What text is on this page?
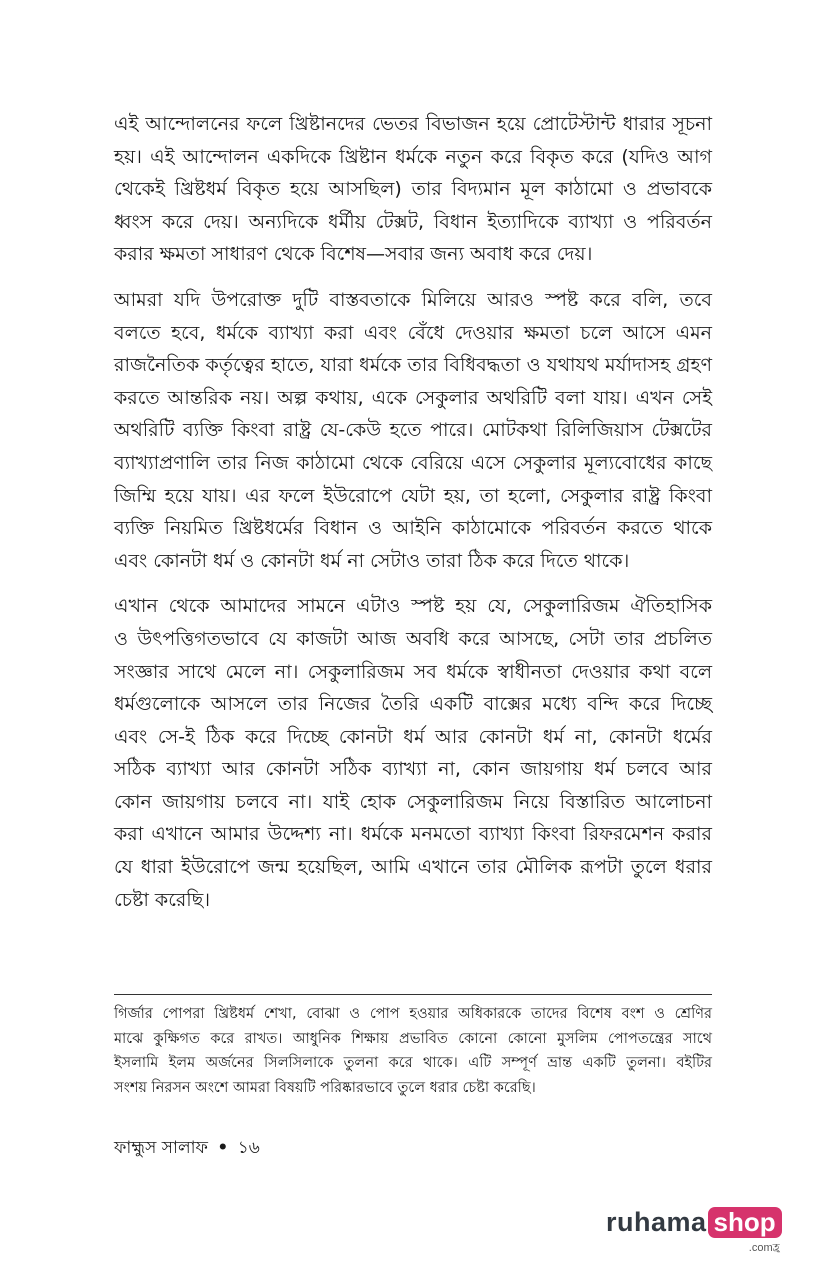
এই আন্দোলনের ফলে খ্রিষ্টানদের ভেতর বিভাজন হয়ে প্রোটেস্টান্ট ধারার সূচনা
হয়। এই আন্দোলন একদিকে খ্রিষ্টান ধর্মকে নতুন করে বিকৃত করে (যদিও আগ
থেকেই খ্রিষ্টধর্ম বিকৃত হয়ে আসছিল) তার বিদ্যমান মূল কাঠামো ও প্রভাবকে
ধ্বংস করে দেয়। অন্যদিকে ধর্মীয় টেক্সট, বিধান ইত্যাদিকে ব্যাখ্যা ও পরিবর্তন
করার ক্ষমতা সাধারণ থেকে বিশেষ—সবার জন্য অবাধ করে দেয়।

আমরা যদি উপরোক্ত দুটি বাস্তবতাকে মিলিয়ে আরও স্পষ্ট করে বলি, তবে
বলতে হবে, ধর্মকে ব্যাখ্যা করা এবং বেঁধে দেওয়ার ক্ষমতা চলে আসে এমন
রাজনৈতিক কর্তৃত্বের হাতে, যারা ধর্মকে তার বিধিবদ্ধতা ও যথাযথ মর্যাদাসহ গ্রহণ
করতে আন্তরিক নয়। অল্প কথায়, একে সেকুলার অথরিটি বলা যায়। এখন সেই
অথরিটি ব্যক্তি কিংবা রাষ্ট্র যে-কেউ হতে পারে। মোটকথা রিলিজিয়াস টেক্সটের
ব্যাখ্যাপ্রণালি তার নিজ কাঠামো থেকে বেরিয়ে এসে সেকুলার মূল্যবোধের কাছে
জিম্মি হয়ে যায়। এর ফলে ইউরোপে যেটা হয়, তা হলো, সেকুলার রাষ্ট্র কিংবা
ব্যক্তি নিয়মিত খ্রিষ্টধর্মের বিধান ও আইনি কাঠামোকে পরিবর্তন করতে থাকে
এবং কোনটা ধর্ম ও কোনটা ধর্ম না সেটাও তারা ঠিক করে দিতে থাকে।

এখান থেকে আমাদের সামনে এটাও স্পষ্ট হয় যে, সেকুলারিজম ঐতিহাসিক
ও উৎপত্তিগতভাবে যে কাজটা আজ অবধি করে আসছে, সেটা তার প্রচলিত
সংজ্ঞার সাথে মেলে না। সেকুলারিজম সব ধর্মকে স্বাধীনতা দেওয়ার কথা বলে
ধর্মগুলোকে আসলে তার নিজের তৈরি একটি বাক্সের মধ্যে বন্দি করে দিচ্ছে
এবং সে-ই ঠিক করে দিচ্ছে কোনটা ধর্ম আর কোনটা ধর্ম না, কোনটা ধর্মের
সঠিক ব্যাখ্যা আর কোনটা সঠিক ব্যাখ্যা না, কোন জায়গায় ধর্ম চলবে আর
কোন জায়গায় চলবে না। যাই হোক সেকুলারিজম নিয়ে বিস্তারিত আলোচনা
করা এখানে আমার উদ্দেশ্য না। ধর্মকে মনমতো ব্যাখ্যা কিংবা রিফরমেশন করার
যে ধারা ইউরোপে জন্ম হয়েছিল, আমি এখানে তার মৌলিক রূপটা তুলে ধরার
চেষ্টা করেছি।

গির্জার পোপরা খ্রিষ্টধর্ম শেখা, বোঝা ও পোপ হওয়ার অধিকারকে তাদের বিশেষ বংশ ও শ্রেণির
মাঝে কুক্ষিগত করে রাখত। আধুনিক শিক্ষায় প্রভাবিত কোনো কোনো মুসলিম পোপতন্ত্রের সাথে
ইসলামি ইলম অর্জনের সিলসিলাকে তুলনা করে থাকে। এটি সম্পূর্ণ ভ্রান্ত একটি তুলনা। বইটির
সংশয় নিরসন অংশে আমরা বিষয়টি পরিষ্কারভাবে তুলে ধরার চেষ্টা করেছি।
ফাহ্মুস সালাফ • ১৬
ruhama shop
.comহ্র
